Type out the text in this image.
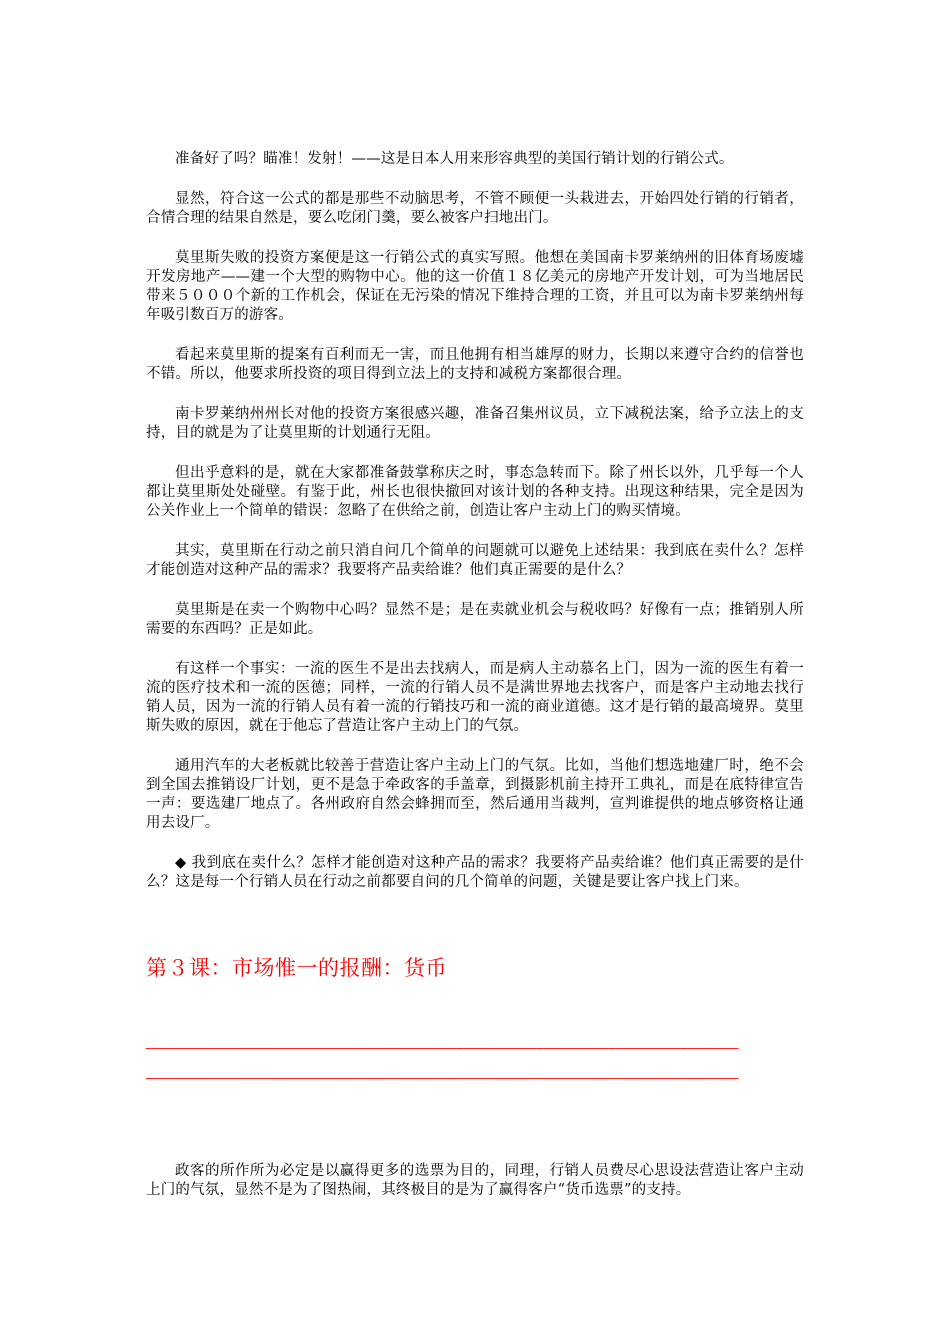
准备好了吗？瞄准！发射！——这是日本人用来形容典型的美国行销计划的行销公式。

显然，符合这一公式的都是那些不动脑思考，不管不顾便一头栽进去，开始四处行销的行销者，合情合理的结果自然是，要么吃闭门羹，要么被客户扫地出门。

莫里斯失败的投资方案便是这一行销公式的真实写照。他想在美国南卡罗莱纳州的旧体育场废墟开发房地产——建一个大型的购物中心。他的这一价值１８亿美元的房地产开发计划，可为当地居民带来５０００个新的工作机会，保证在无污染的情况下维持合理的工资，并且可以为南卡罗莱纳州每年吸引数百万的游客。

看起来莫里斯的提案有百利而无一害，而且他拥有相当雄厚的财力，长期以来遵守合约的信誉也不错。所以，他要求所投资的项目得到立法上的支持和减税方案都很合理。

南卡罗莱纳州州长对他的投资方案很感兴趣，准备召集州议员，立下减税法案，给予立法上的支持，目的就是为了让莫里斯的计划通行无阻。

但出乎意料的是，就在大家都准备鼓掌称庆之时，事态急转而下。除了州长以外，几乎每一个人都让莫里斯处处碰壁。有鉴于此，州长也很快撤回对该计划的各种支持。出现这种结果，完全是因为公关作业上一个简单的错误：忽略了在供给之前，创造让客户主动上门的购买情境。

其实，莫里斯在行动之前只消自问几个简单的问题就可以避免上述结果：我到底在卖什么？怎样才能创造对这种产品的需求？我要将产品卖给谁？他们真正需要的是什么？

莫里斯是在卖一个购物中心吗？显然不是；是在卖就业机会与税收吗？好像有一点；推销别人所需要的东西吗？正是如此。

有这样一个事实：一流的医生不是出去找病人，而是病人主动慕名上门，因为一流的医生有着一流的医疗技术和一流的医德；同样，一流的行销人员不是满世界地去找客户，而是客户主动地去找行销人员，因为一流的行销人员有着一流的行销技巧和一流的商业道德。这才是行销的最高境界。莫里斯失败的原因，就在于他忘了营造让客户主动上门的气氛。

通用汽车的大老板就比较善于营造让客户主动上门的气氛。比如，当他们想选地建厂时，绝不会到全国去推销设厂计划，更不是急于牵政客的手盖章，到摄影机前主持开工典礼，而是在底特律宣告一声：要选建厂地点了。各州政府自然会蜂拥而至，然后通用当裁判，宣判谁提供的地点够资格让通用去设厂。

◆ 我到底在卖什么？怎样才能创造对这种产品的需求？我要将产品卖给谁？他们真正需要的是什么？这是每一个行销人员在行动之前都要自问的几个简单的问题，关键是要让客户找上门来。

第３课：市场惟一的报酬：货币
——————————————————————————————————————————————————————————————————————————————————
——————————————————————————————————————————————————————————————————————————————————

政客的所作所为必定是以赢得更多的选票为目的，同理，行销人员费尽心思设法营造让客户主动上门的气氛，显然不是为了图热闹，其终极目的是为了赢得客户“货币选票”的支持。
